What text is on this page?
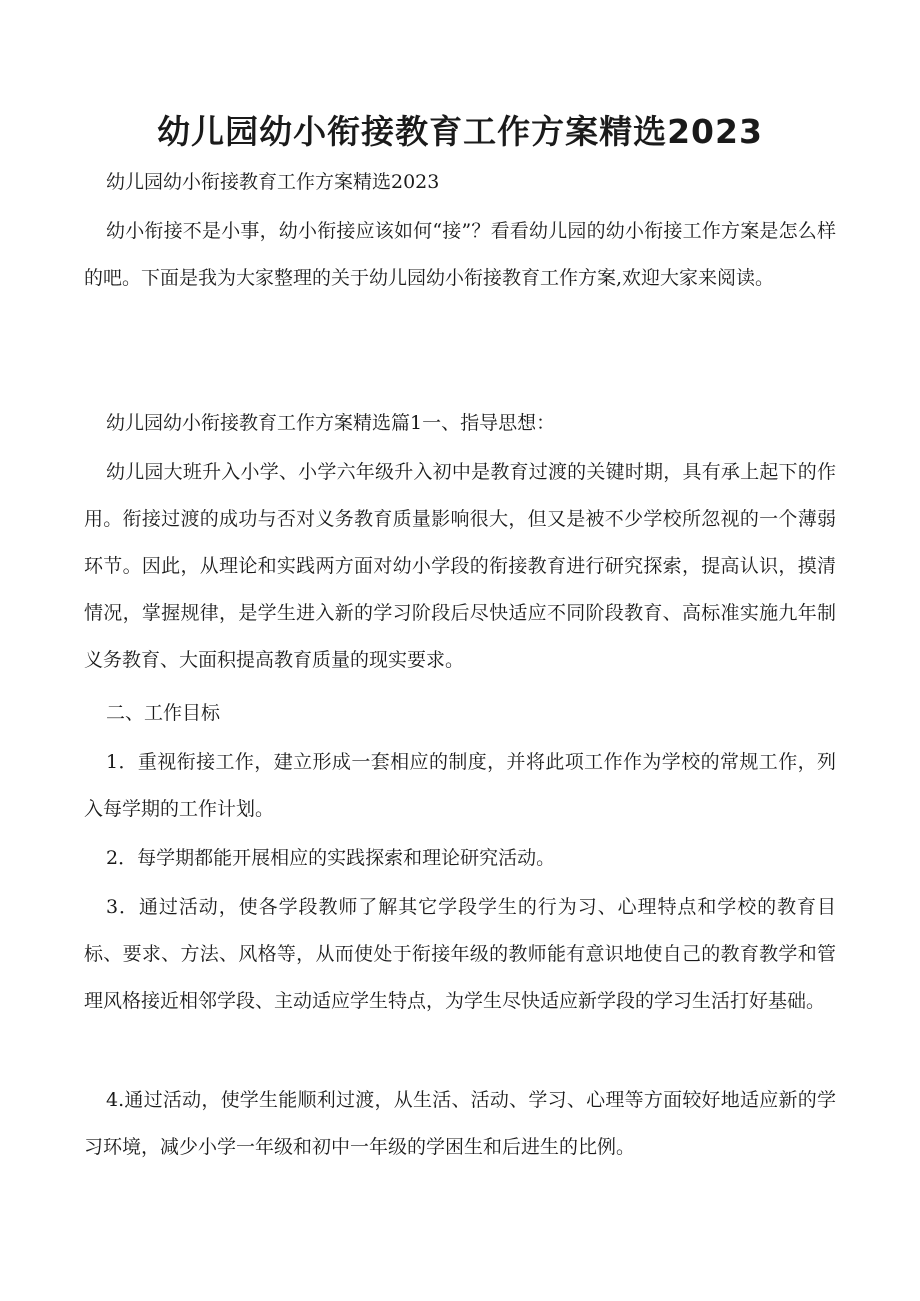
幼儿园幼小衔接教育工作方案精选2023

幼儿园幼小衔接教育工作方案精选2023

幼小衔接不是小事，幼小衔接应该如何“接”？看看幼儿园的幼小衔接工作方案是怎么样的吧。下面是我为大家整理的关于幼儿园幼小衔接教育工作方案,欢迎大家来阅读。

幼儿园幼小衔接教育工作方案精选篇1一、指导思想：

幼儿园大班升入小学、小学六年级升入初中是教育过渡的关键时期，具有承上起下的作用。衔接过渡的成功与否对义务教育质量影响很大，但又是被不少学校所忽视的一个薄弱环节。因此，从理论和实践两方面对幼小学段的衔接教育进行研究探索，提高认识，摸清情况，掌握规律，是学生进入新的学习阶段后尽快适应不同阶段教育、高标准实施九年制义务教育、大面积提高教育质量的现实要求。

二、工作目标

1．重视衔接工作，建立形成一套相应的制度，并将此项工作作为学校的常规工作，列入每学期的工作计划。

2．每学期都能开展相应的实践探索和理论研究活动。

3．通过活动，使各学段教师了解其它学段学生的行为习、心理特点和学校的教育目标、要求、方法、风格等，从而使处于衔接年级的教师能有意识地使自己的教育教学和管理风格接近相邻学段、主动适应学生特点，为学生尽快适应新学段的学习生活打好基础。

4.通过活动，使学生能顺利过渡，从生活、活动、学习、心理等方面较好地适应新的学习环境，减少小学一年级和初中一年级的学困生和后进生的比例。
